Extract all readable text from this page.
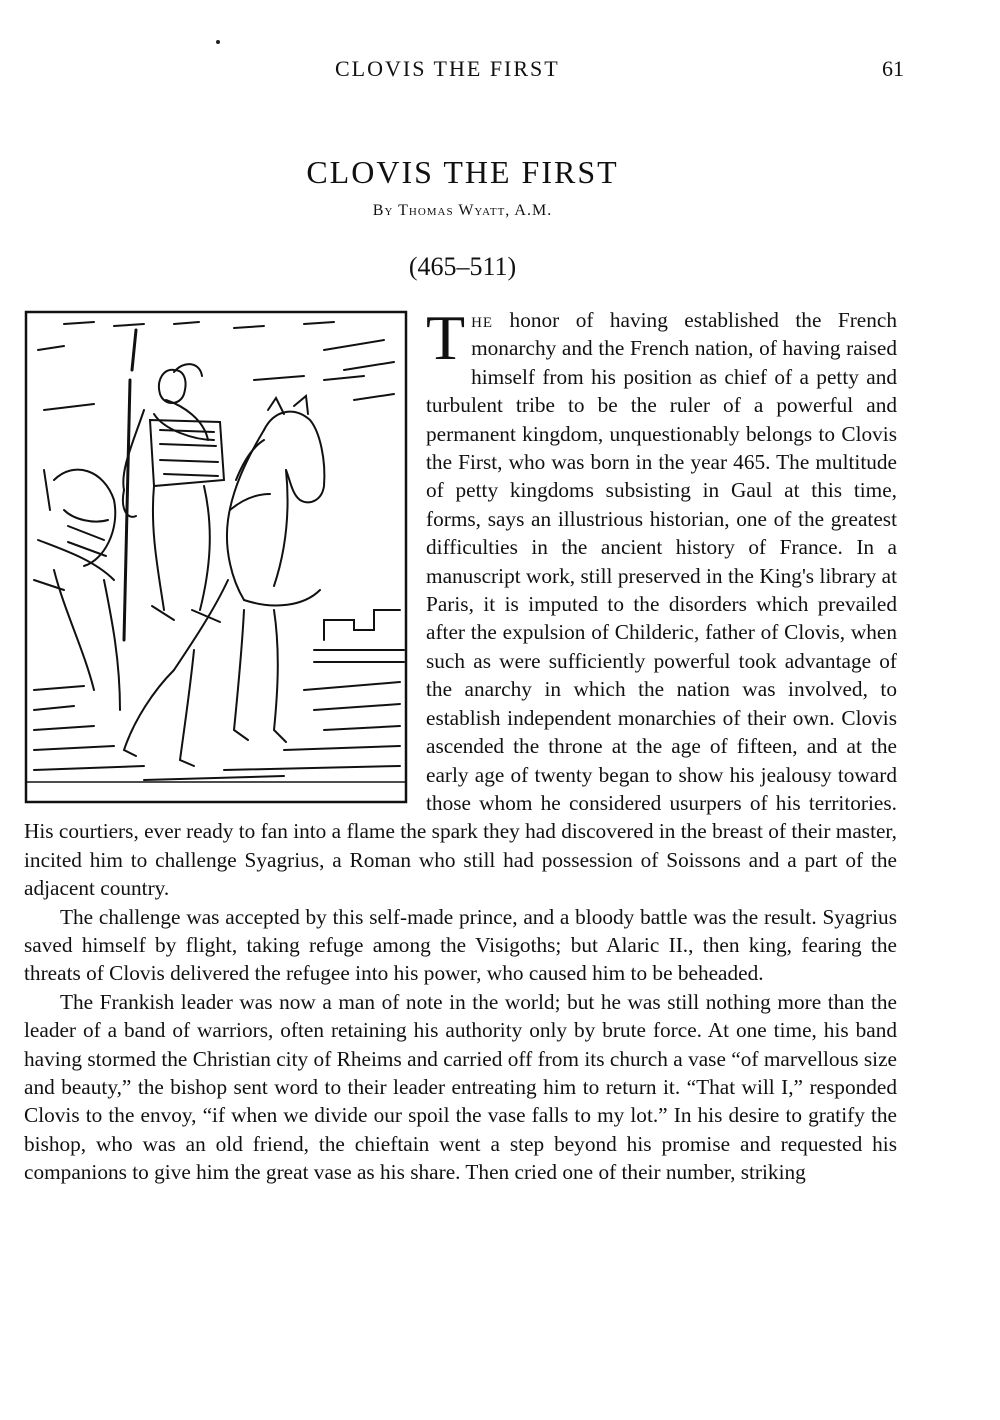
CLOVIS THE FIRST	61
CLOVIS THE FIRST
By Thomas Wyatt, A.M.
(465–511)

The honor of having established the French monarchy and the French nation, of having raised himself from his position as chief of a petty and turbulent tribe to be the ruler of a powerful and permanent kingdom, unquestionably belongs to Clovis the First, who was born in the year 465. The multitude of petty kingdoms subsisting in Gaul at this time, forms, says an illustrious historian, one of the greatest difficulties in the ancient history of France. In a manuscript work, still preserved in the King's library at Paris, it is imputed to the disorders which prevailed after the expulsion of Childeric, father of Clovis, when such as were sufficiently powerful took advantage of the anarchy in which the nation was involved, to establish independent monarchies of their own. Clovis ascended the throne at the age of fifteen, and at the early age of twenty began to show his jealousy toward those whom he considered usurpers of his territories. His courtiers, ever ready to fan into a flame the spark they had discovered in the breast of their master, incited him to challenge Syagrius, a Roman who still had possession of Soissons and a part of the adjacent country.

The challenge was accepted by this self-made prince, and a bloody battle was the result. Syagrius saved himself by flight, taking refuge among the Visigoths; but Alaric II., then king, fearing the threats of Clovis delivered the refugee into his power, who caused him to be beheaded.

The Frankish leader was now a man of note in the world; but he was still nothing more than the leader of a band of warriors, often retaining his authority only by brute force. At one time, his band having stormed the Christian city of Rheims and carried off from its church a vase “of marvellous size and beauty,” the bishop sent word to their leader entreating him to return it. “That will I,” responded Clovis to the envoy, “if when we divide our spoil the vase falls to my lot.” In his desire to gratify the bishop, who was an old friend, the chieftain went a step beyond his promise and requested his companions to give him the great vase as his share. Then cried one of their number, striking
